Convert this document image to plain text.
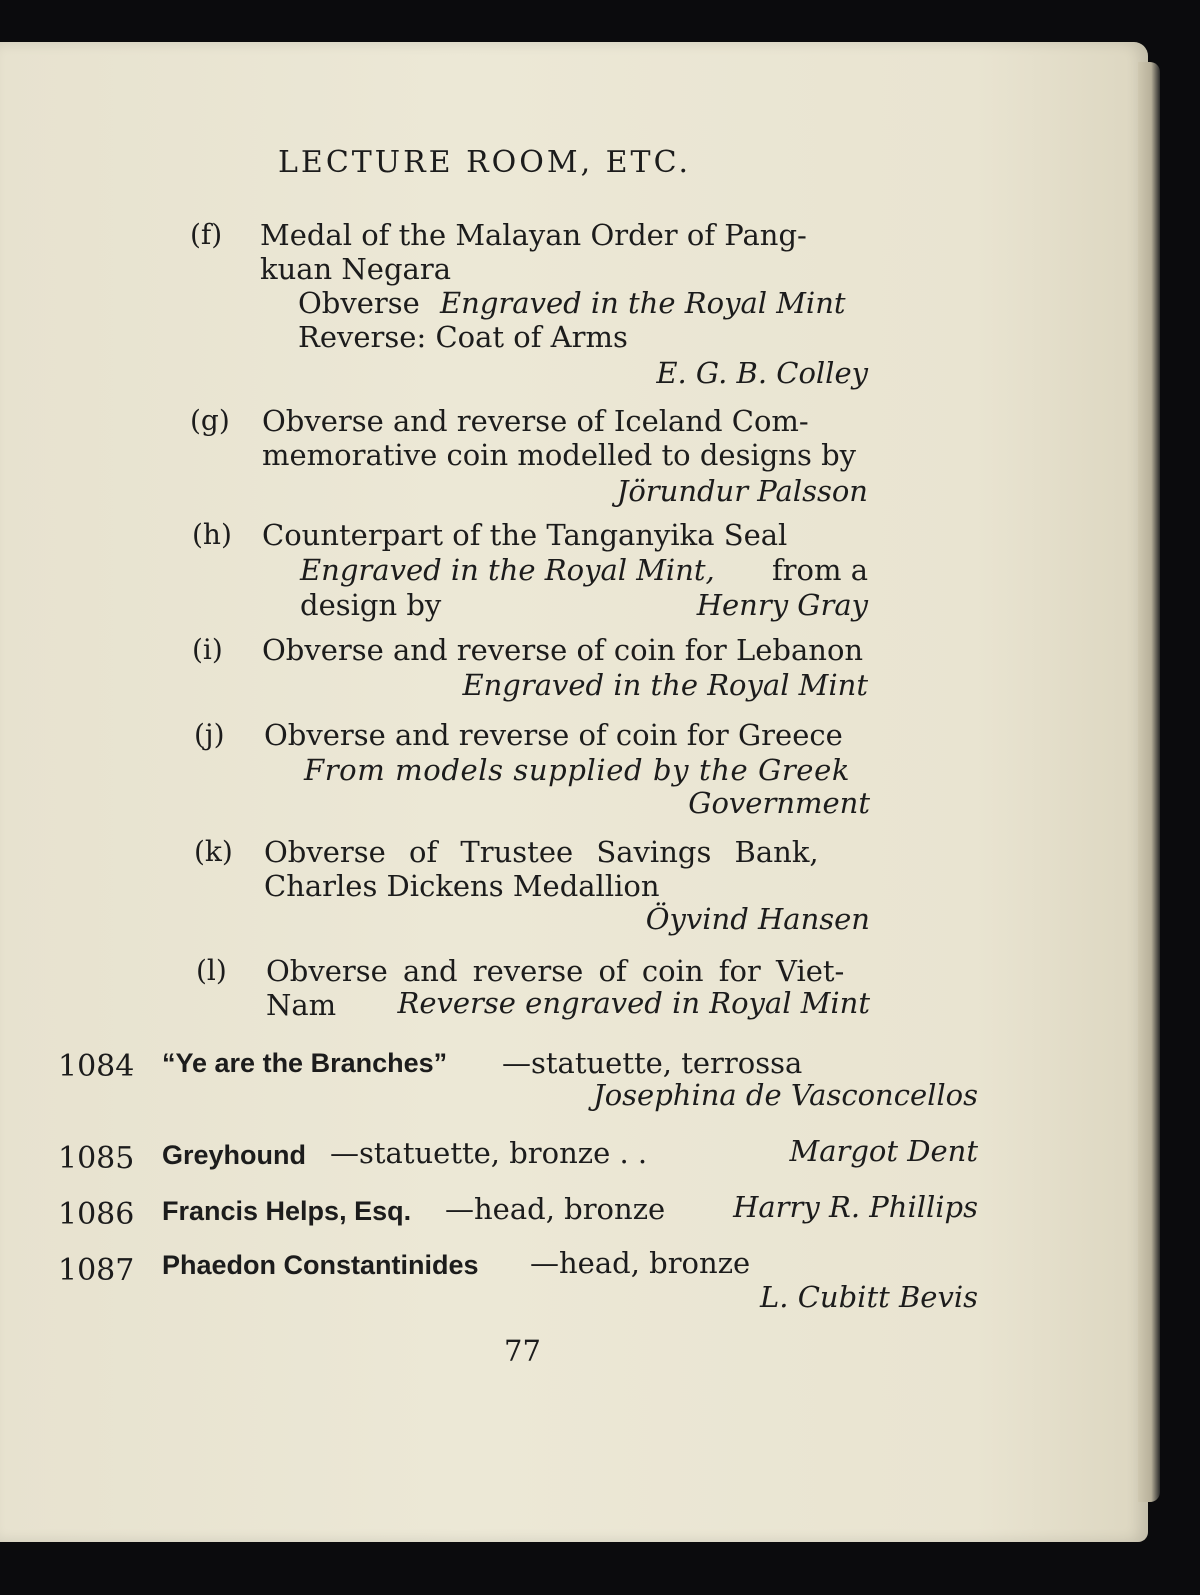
LECTURE ROOM, ETC.
(f) Medal of the Malayan Order of Pang-
kuan Negara
Obverse Engraved in the Royal Mint
Reverse: Coat of Arms
E. G. B. Colley
(g) Obverse and reverse of Iceland Com-
memorative coin modelled to designs by
Jörundur Palsson
(h) Counterpart of the Tanganyika Seal
Engraved in the Royal Mint, from a
design by	Henry Gray
(i) Obverse and reverse of coin for Lebanon
Engraved in the Royal Mint
(j) Obverse and reverse of coin for Greece
From models supplied by the Greek
Government
(k) Obverse of Trustee Savings Bank,
Charles Dickens Medallion
Öyvind Hansen
(l) Obverse and reverse of coin for Viet-
Nam Reverse engraved in Royal Mint
1084 “Ye are the Branches” —statuette, terrossa
Josephina de Vasconcellos
1085 Greyhound —statuette, bronze . .	Margot Dent
1086 Francis Helps, Esq. —head, bronze Harry R. Phillips
1087 Phaedon Constantinides —head, bronze
L. Cubitt Bevis
77
